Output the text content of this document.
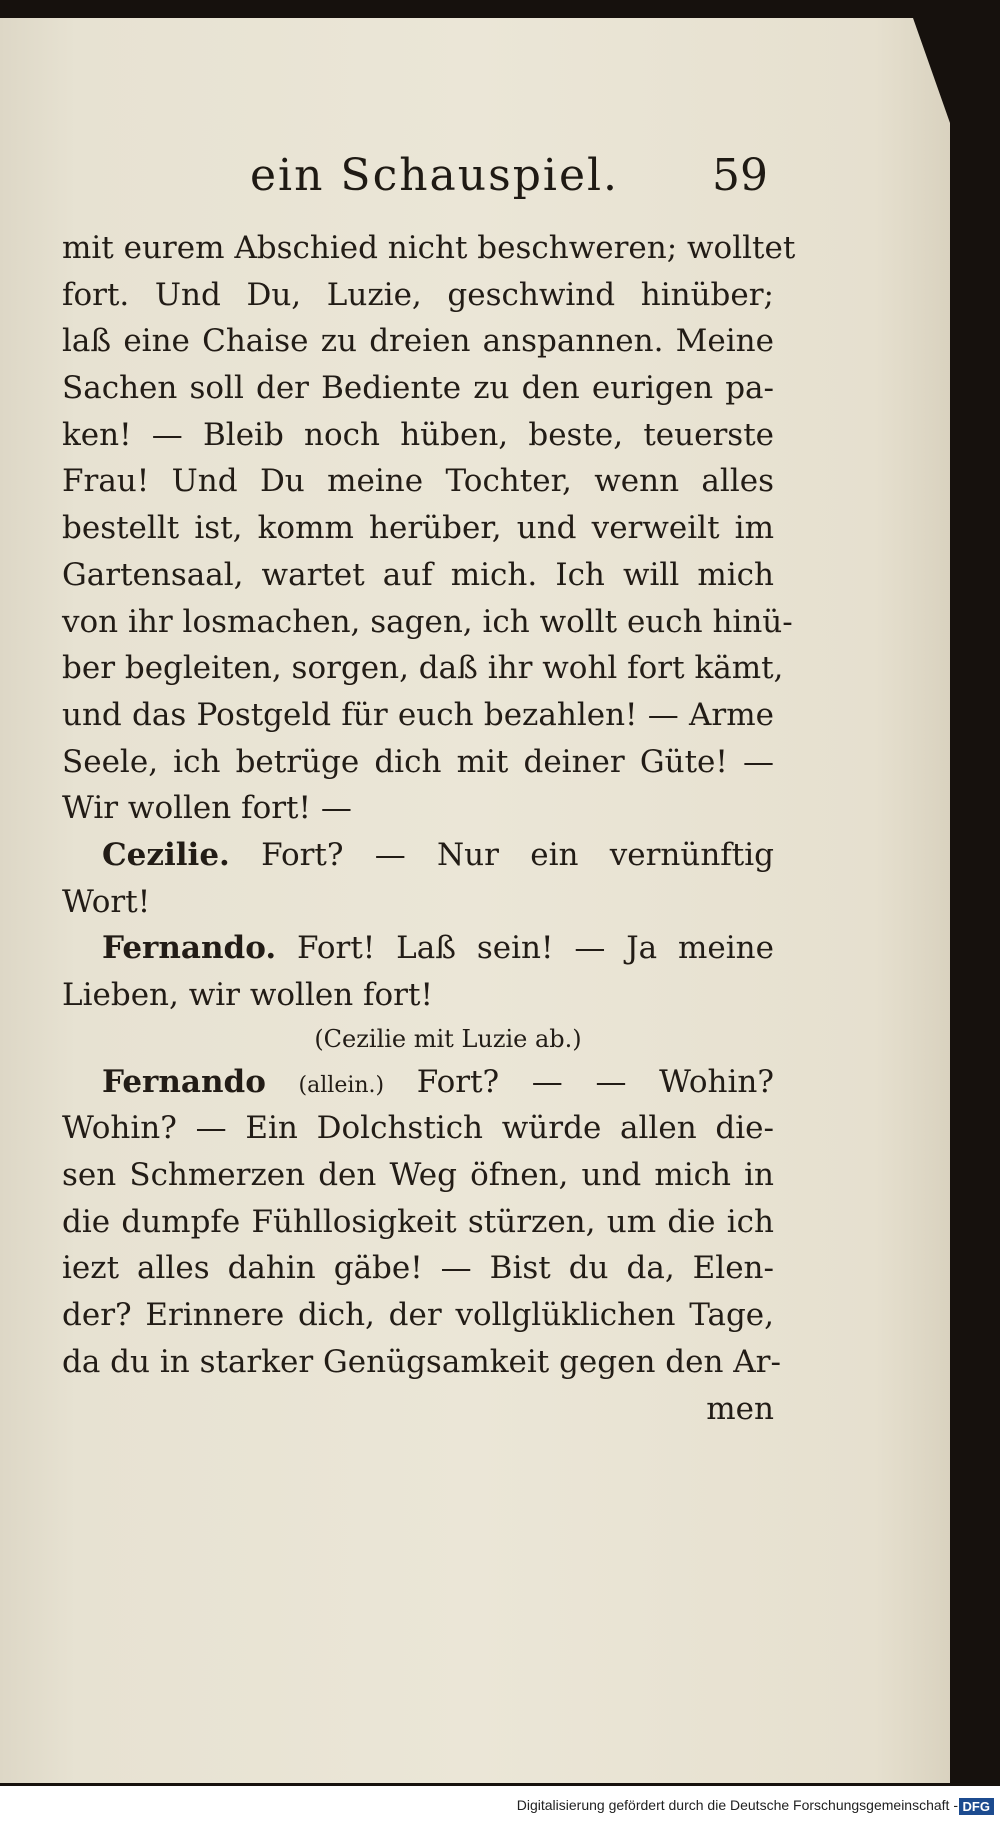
ein Schauspiel. 59
mit eurem Abschied nicht beschweren; wolltet
fort. Und Du, Luzie, geschwind hinüber;
laß eine Chaise zu dreien anspannen. Meine
Sachen soll der Bediente zu den eurigen pa-
ken! — Bleib noch hüben, beste, teuerste
Frau! Und Du meine Tochter, wenn alles
bestellt ist, komm herüber, und verweilt im
Gartensaal, wartet auf mich. Ich will mich
von ihr losmachen, sagen, ich wollt euch hinü-
ber begleiten, sorgen, daß ihr wohl fort kämt,
und das Postgeld für euch bezahlen! — Arme
Seele, ich betrüge dich mit deiner Güte! —
Wir wollen fort! —
Cezilie. Fort? — Nur ein vernünftig
Wort!
Fernando. Fort! Laß sein! — Ja meine
Lieben, wir wollen fort!
(Cezilie mit Luzie ab.)
Fernando (allein.) Fort? — — Wohin?
Wohin? — Ein Dolchstich würde allen die-
sen Schmerzen den Weg öfnen, und mich in
die dumpfe Fühllosigkeit stürzen, um die ich
iezt alles dahin gäbe! — Bist du da, Elen-
der? Erinnere dich, der vollglüklichen Tage,
da du in starker Genügsamkeit gegen den Ar-
men
Digitalisierung gefördert durch die Deutsche Forschungsgemeinschaft - DFG
